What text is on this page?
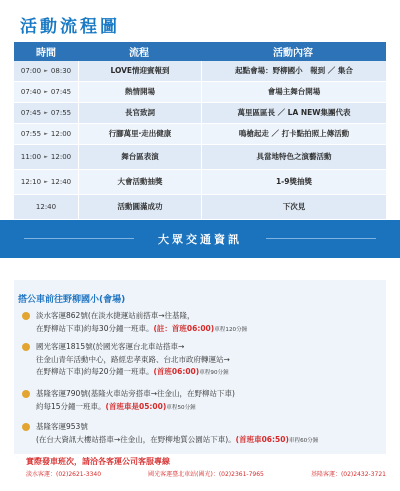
活動流程圖
時間	流程	活動內容
07:00 ► 08:30	LOVE情迎賓報到	起點會場：野柳國小　報到 ／ 集合
07:40 ► 07:45	熱情開場	會場主舞台開場
07:45 ► 07:55	長官致詞	萬里區區長 ／ LA NEW集團代表
07:55 ► 12:00	行腳萬里‧走出健康	鳴槍起走 ／ 打卡點拍照上傳活動
11:00 ► 12:00	舞台區表演	具當地特色之演藝活動
12:10 ► 12:40	大會活動抽獎	1-9獎抽獎
12:40	活動圓滿成功	下次見
大眾交通資訊
搭公車前往野柳國小(會場)
淡水客運862號(在淡水捷運站前搭車→往基隆，
在野柳站下車)約每30分鐘一班車。(註：首班06:00)車程120分鐘
國光客運1815號(於國光客運台北車站搭車→
往金山青年活動中心，路經忠孝東路、台北市政府轉運站→
在野柳站下車)約每20分鐘一班車。(首班06:00)車程90分鐘
基隆客運790號(基隆火車站旁搭車→往金山，在野柳站下車)
約每15分鐘一班車。(首班車是05:00)車程50分鐘
基隆客運953號
(在台大資訊大樓站搭車→往金山，在野柳地質公園站下車)。(首班車06:50)車程60分鐘
實際發車班次，請洽各客運公司客服專線
淡水客運：(02)2621-3340	國光客運臺北車站(國光)：(02)2361-7965	基隆客運：(02)2432-3721
